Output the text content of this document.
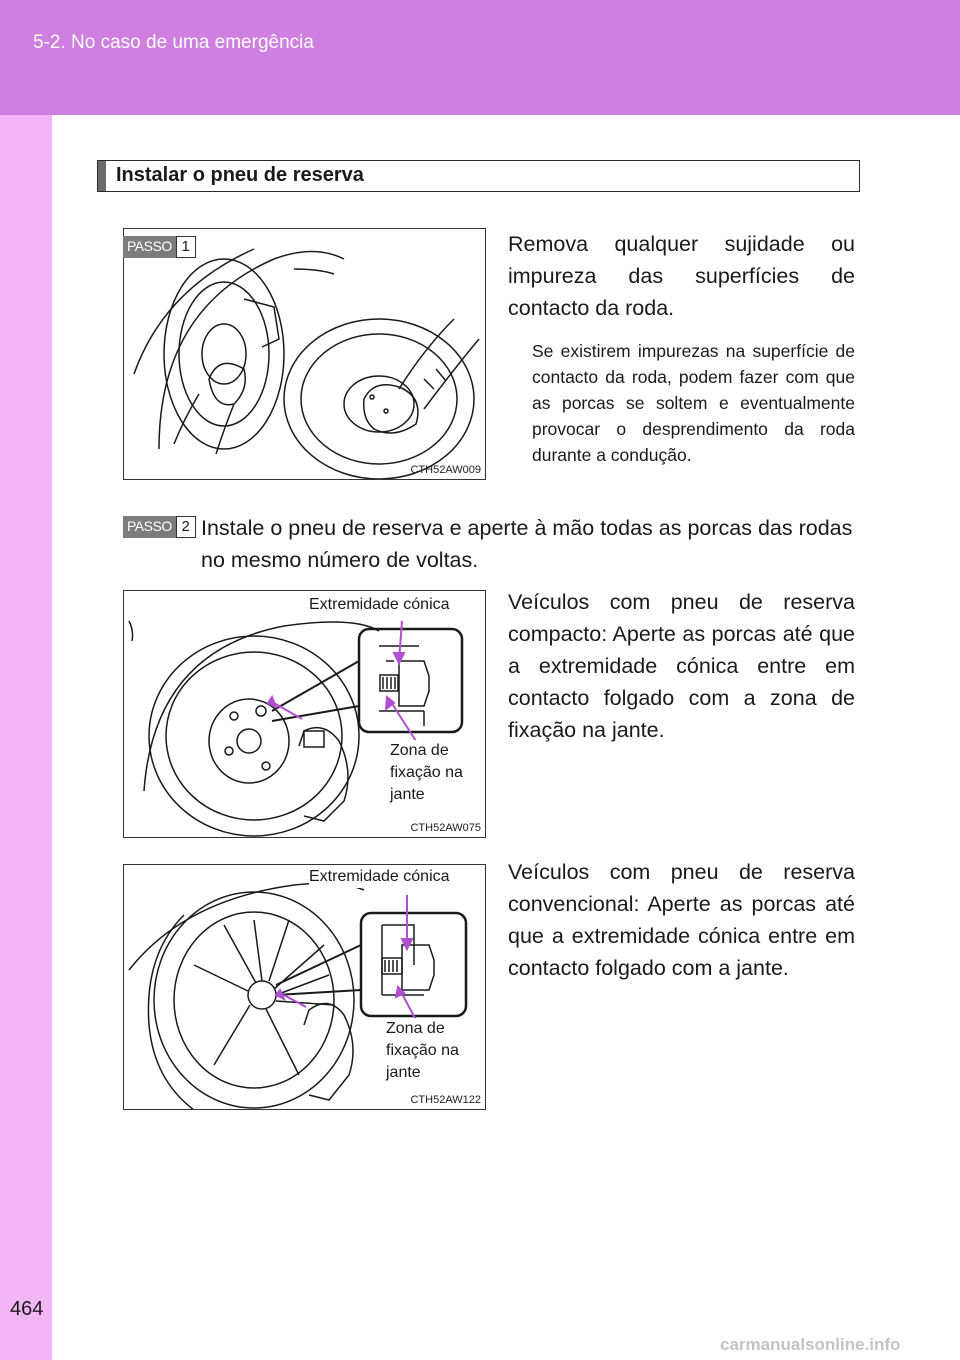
5-2. No caso de uma emergência
Instalar o pneu de reserva
CTH52AW009
PASSO 1	Remova qualquer sujidade ou impureza das superfícies de contacto da roda.
Se existirem impurezas na superfície de contacto da roda, podem fazer com que as porcas se soltem e eventualmente provocar o desprendimento da roda durante a condução.
PASSO 2 Instale o pneu de reserva e aperte à mão todas as porcas das rodas no mesmo número de voltas.
CTH52AW075
Extremidade cónica
Zona de fixação na jante
Veículos com pneu de reserva compacto: Aperte as porcas até que a extremidade cónica entre em contacto folgado com a zona de fixação na jante.
CTH52AW122
Extremidade cónica
Zona de fixação na jante
Veículos com pneu de reserva convencional: Aperte as porcas até que a extremidade cónica entre em contacto folgado com a jante.
464
carmanualsonline.info
